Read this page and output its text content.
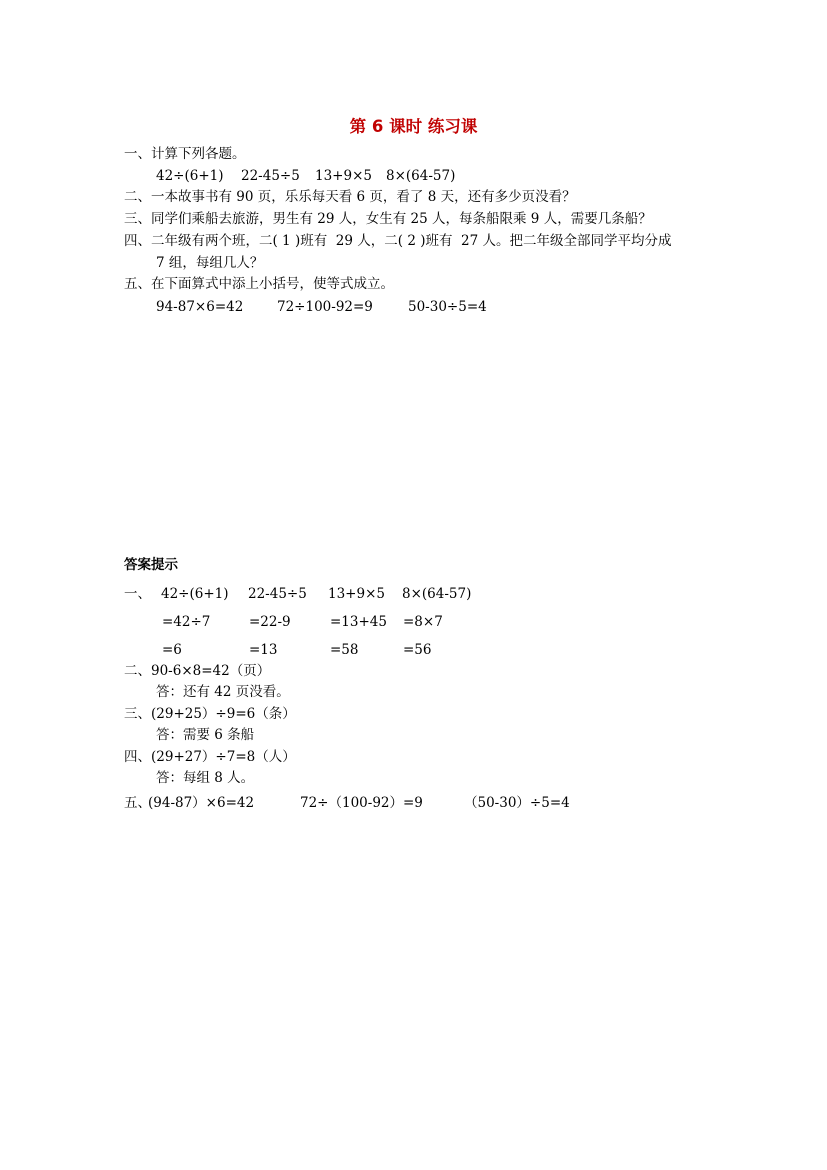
第 6 课时 练习课
一、计算下列各题。
42÷(6+1) 22-45÷5 13+9×5 8×(64-57)
二、一本故事书有 90 页，乐乐每天看 6 页，看了 8 天，还有多少页没看？
三、同学们乘船去旅游，男生有 29 人，女生有 25 人，每条船限乘 9 人，需要几条船？
四、二年级有两个班，二( 1 )班有  29 人，二( 2 )班有  27 人。把二年级全部同学平均分成
7 组，每组几人？
五、在下面算式中添上小括号，使等式成立。
94-87×6=42 72÷100-92=9	50-30÷5=4
答案提示
一、 42÷(6+1) 22-45÷5 13+9×5 8×(64-57)
=42÷7	=22-9	=13+45 =8×7
=6	=13	=58	=56
二、90-6×8=42（页）
答：还有 42 页没看。
三、(29+25）÷9=6（条）
答：需要 6 条船
四、(29+27）÷7=8（人）
答：每组 8 人。
五、
(94-87）×6=42	72÷（100-92）=9	（50-30）÷5=4
